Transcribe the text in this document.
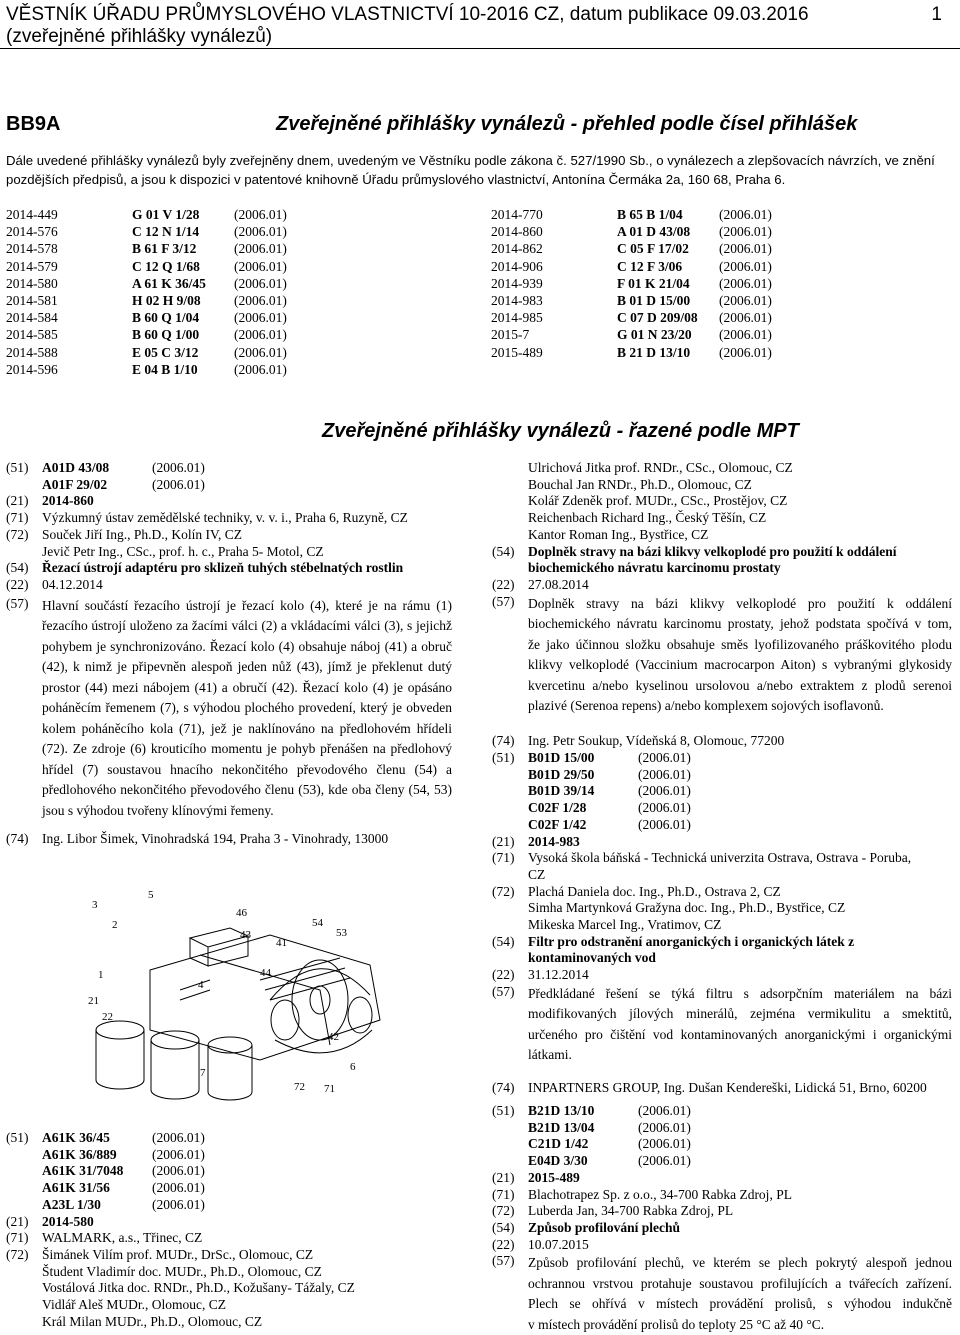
VĚSTNÍK ÚŘADU PRŮMYSLOVÉHO VLASTNICTVÍ 10-2016 CZ, datum publikace 09.03.2016
(zveřejněné přihlášky vynálezů)
1
BB9A	Zveřejněné přihlášky vynálezů - přehled podle čísel přihlášek
Dále uvedené přihlášky vynálezů byly zveřejněny dnem, uvedeným ve Věstníku podle zákona č. 527/1990 Sb., o vynálezech a zlepšovacích návrzích, ve znění
pozdějších předpisů, a jsou k dispozici v patentové knihovně Úřadu průmyslového vlastnictví, Antonína Čermáka 2a, 160 68, Praha 6.
2014-449	G 01 V 1/28	(2006.01)
2014-576	C 12 N 1/14	(2006.01)
2014-578	B 61 F 3/12	(2006.01)
2014-579	C 12 Q 1/68	(2006.01)
2014-580	A 61 K 36/45 (2006.01)
2014-581	H 02 H 9/08 (2006.01)
2014-584	B 60 Q 1/04	(2006.01)
2014-585	B 60 Q 1/00	(2006.01)
2014-588	E 05 C 3/12	(2006.01)
2014-596	E 04 B 1/10	(2006.01)
2014-770	B 65 B 1/04	(2006.01)
2014-860	A 01 D 43/08 (2006.01)
2014-862	C 05 F 17/02 (2006.01)
2014-906	C 12 F 3/06	(2006.01)
2014-939	F 01 K 21/04 (2006.01)
2014-983	B 01 D 15/00 (2006.01)
2014-985	C 07 D 209/08 (2006.01)
2015-7	G 01 N 23/20 (2006.01)
2015-489	B 21 D 13/10 (2006.01)
Zveřejněné přihlášky vynálezů - řazené podle MPT
(51) A01D 43/08	(2006.01)
A01F 29/02	(2006.01)
(21) 2014-860
(71) Výzkumný ústav zemědělské techniky, v. v. i., Praha 6, Ruzyně, CZ
(72) Souček Jiří Ing., Ph.D., Kolín IV, CZ
Jevič Petr Ing., CSc., prof. h. c., Praha 5- Motol, CZ
(54) Řezací ústrojí adaptéru pro sklizeň tuhých stébelnatých rostlin
(22) 04.12.2014
(57) Hlavní součástí řezacího ústrojí je řezací kolo (4), které je na rámu (1)
řezacího ústrojí uloženo za žacími válci (2) a vkládacími válci (3), s jejichž
pohybem je synchronizováno. Řezací kolo (4) obsahuje náboj (41) a obruč
(42), k nimž je připevněn alespoň jeden nůž (43), jímž je překlenut dutý
prostor (44) mezi nábojem (41) a obručí (42). Řezací kolo (4) je opásáno
poháněcím řemenem (7), s výhodou plochého provedení, který je obveden
kolem poháněcího kola (71), jež je naklínováno na předlohovém hřídeli
(72). Ze zdroje (6) krouticího momentu je pohyb přenášen na předlohový
hřídel (7) soustavou hnacího nekončitého převodového členu (54) a
předlohového nekončitého převodového členu (53), kde oba členy (54, 53)
jsou s výhodou tvořeny klínovými řemeny.
(74) Ing. Libor Šimek, Vinohradská 194, Praha 3 - Vinohrady, 13000
3
5
2
1
21
22
4
46
44
7
54
53
43
41
42
6
72 71
(51) A61K 36/45	(2006.01)
A61K 36/889	(2006.01)
A61K 31/7048 (2006.01)
A61K 31/56	(2006.01)
A23L 1/30	(2006.01)
(21) 2014-580
(71) WALMARK, a.s., Třinec, CZ
(72) Šimánek Vilím prof. MUDr., DrSc., Olomouc, CZ
Študent Vladimír doc. MUDr., Ph.D., Olomouc, CZ
Vostálová Jitka doc. RNDr., Ph.D., Kožušany- Tážaly, CZ
Vidlář Aleš MUDr., Olomouc, CZ
Král Milan MUDr., Ph.D., Olomouc, CZ
Ulrichová Jitka prof. RNDr., CSc., Olomouc, CZ
Bouchal Jan RNDr., Ph.D., Olomouc, CZ
Kolář Zdeněk prof. MUDr., CSc., Prostějov, CZ
Reichenbach Richard Ing., Český Těšín, CZ
Kantor Roman Ing., Bystřice, CZ
(54) Doplněk stravy na bázi klikvy velkoplodé pro použití k oddálení
biochemického návratu karcinomu prostaty
(22) 27.08.2014
(57) Doplněk stravy na bázi klikvy velkoplodé pro použití k oddálení
biochemického návratu karcinomu prostaty, jehož podstata spočívá v tom,
že jako účinnou složku obsahuje směs lyofilizovaného práškovitého plodu
klikvy velkoplodé (Vaccinium macrocarpon Aiton) s vybranými glykosidy
kvercetinu a/nebo kyselinou ursolovou a/nebo extraktem z plodů serenoi
plazivé (Serenoa repens) a/nebo komplexem sojových isoflavonů.
(74) Ing. Petr Soukup, Vídeňská 8, Olomouc, 77200
(51) B01D 15/00	(2006.01)
B01D 29/50	(2006.01)
B01D 39/14	(2006.01)
C02F 1/28	(2006.01)
C02F 1/42	(2006.01)
(21) 2014-983
(71) Vysoká škola báňská - Technická univerzita Ostrava, Ostrava - Poruba,
CZ
(72) Plachá Daniela doc. Ing., Ph.D., Ostrava 2, CZ
Simha Martynková Gražyna doc. Ing., Ph.D., Bystřice, CZ
Mikeska Marcel Ing., Vratimov, CZ
(54) Filtr pro odstranění anorganických i organických látek z
kontaminovaných vod
(22) 31.12.2014
(57) Předkládané řešení se týká filtru s adsorpčním materiálem na bázi
modifikovaných jílových minerálů, zejména vermikulitu a smektitů,
určeného pro čištění vod kontaminovaných anorganickými i organickými
látkami.
(74) INPARTNERS GROUP, Ing. Dušan Kendereški, Lidická 51, Brno, 60200
(51) B21D 13/10	(2006.01)
B21D 13/04	(2006.01)
C21D 1/42	(2006.01)
E04D 3/30	(2006.01)
(21) 2015-489
(71) Blachotrapez Sp. z o.o., 34-700 Rabka Zdroj, PL
(72) Luberda Jan, 34-700 Rabka Zdroj, PL
(54) Způsob profilování plechů
(22) 10.07.2015
(57) Způsob profilování plechů, ve kterém se plech pokrytý alespoň jednou
ochrannou vrstvou protahuje soustavou profilujících a tvářecích zařízení.
Plech se ohřívá v místech provádění prolisů, s výhodou indukčně
v místech provádění prolisů do teploty 25 °C až 40 °C.
